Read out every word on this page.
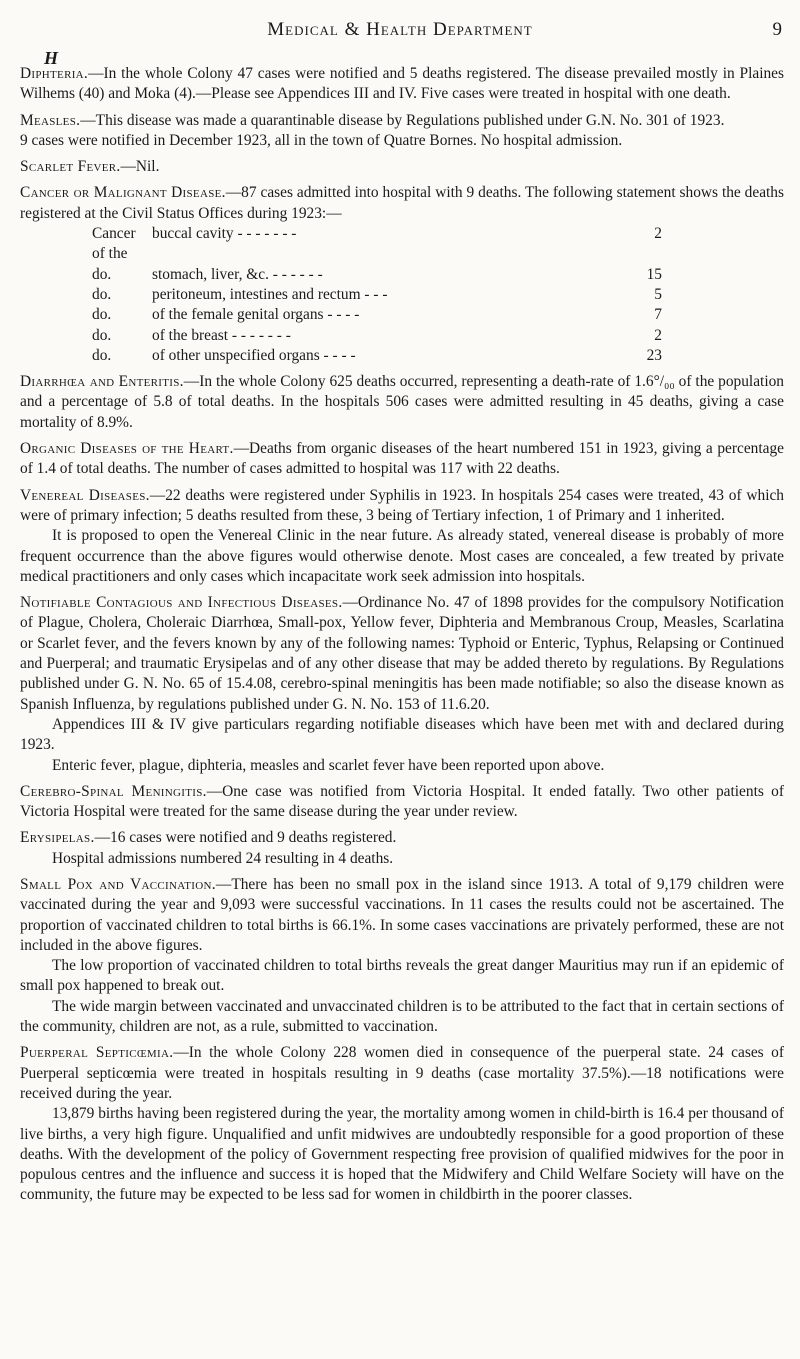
Medical & Health Department	9
H

Diphteria.—In the whole Colony 47 cases were notified and 5 deaths registered. The disease prevailed mostly in Plaines Wilhems (40) and Moka (4).—Please see Appendices III and IV. Five cases were treated in hospital with one death.

Measles.—This disease was made a quarantinable disease by Regulations published under G.N. No. 301 of 1923.

9 cases were notified in December 1923, all in the town of Quatre Bornes. No hospital admission.

Scarlet Fever.—Nil.

Cancer or Malignant Disease.—87 cases admitted into hospital with 9 deaths. The following statement shows the deaths registered at the Civil Status Offices during 1923:—

Cancer of the	buccal cavity - - - - - - -	2
do.	stomach, liver, &c. - - - - - -	15
do.	peritoneum, intestines and rectum - - -	5
do.	of the female genital organs - - - -	7
do.	of the breast - - - - - - -	2
do.	of other unspecified organs - - - -	23

Diarrhœa and Enteritis.—In the whole Colony 625 deaths occurred, representing a death-rate of 1.6°/₀₀ of the population and a percentage of 5.8 of total deaths. In the hospitals 506 cases were admitted resulting in 45 deaths, giving a case mortality of 8.9%.

Organic Diseases of the Heart.—Deaths from organic diseases of the heart numbered 151 in 1923, giving a percentage of 1.4 of total deaths. The number of cases admitted to hospital was 117 with 22 deaths.

Venereal Diseases.—22 deaths were registered under Syphilis in 1923. In hospitals 254 cases were treated, 43 of which were of primary infection; 5 deaths resulted from these, 3 being of Tertiary infection, 1 of Primary and 1 inherited.

It is proposed to open the Venereal Clinic in the near future. As already stated, venereal disease is probably of more frequent occurrence than the above figures would otherwise denote. Most cases are concealed, a few treated by private medical practitioners and only cases which incapacitate work seek admission into hospitals.

Notifiable Contagious and Infectious Diseases.—Ordinance No. 47 of 1898 provides for the compulsory Notification of Plague, Cholera, Choleraic Diarrhœa, Small-pox, Yellow fever, Diphteria and Membranous Croup, Measles, Scarlatina or Scarlet fever, and the fevers known by any of the following names: Typhoid or Enteric, Typhus, Relapsing or Continued and Puerperal; and traumatic Erysipelas and of any other disease that may be added thereto by regulations. By Regulations published under G. N. No. 65 of 15.4.08, cerebro-spinal meningitis has been made notifiable; so also the disease known as Spanish Influenza, by regulations published under G. N. No. 153 of 11.6.20.

Appendices III & IV give particulars regarding notifiable diseases which have been met with and declared during 1923.

Enteric fever, plague, diphteria, measles and scarlet fever have been reported upon above.

Cerebro-Spinal Meningitis.—One case was notified from Victoria Hospital. It ended fatally. Two other patients of Victoria Hospital were treated for the same disease during the year under review.

Erysipelas.—16 cases were notified and 9 deaths registered.

Hospital admissions numbered 24 resulting in 4 deaths.

Small Pox and Vaccination.—There has been no small pox in the island since 1913. A total of 9,179 children were vaccinated during the year and 9,093 were successful vaccinations. In 11 cases the results could not be ascertained. The proportion of vaccinated children to total births is 66.1%. In some cases vaccinations are privately performed, these are not included in the above figures.

The low proportion of vaccinated children to total births reveals the great danger Mauritius may run if an epidemic of small pox happened to break out.

The wide margin between vaccinated and unvaccinated children is to be attributed to the fact that in certain sections of the community, children are not, as a rule, submitted to vaccination.

Puerperal Septicœmia.—In the whole Colony 228 women died in consequence of the puerperal state. 24 cases of Puerperal septicœmia were treated in hospitals resulting in 9 deaths (case mortality 37.5%).—18 notifications were received during the year.

13,879 births having been registered during the year, the mortality among women in child-birth is 16.4 per thousand of live births, a very high figure. Unqualified and unfit midwives are undoubtedly responsible for a good proportion of these deaths. With the development of the policy of Government respecting free provision of qualified midwives for the poor in populous centres and the influence and success it is hoped that the Midwifery and Child Welfare Society will have on the community, the future may be expected to be less sad for women in childbirth in the poorer classes.
